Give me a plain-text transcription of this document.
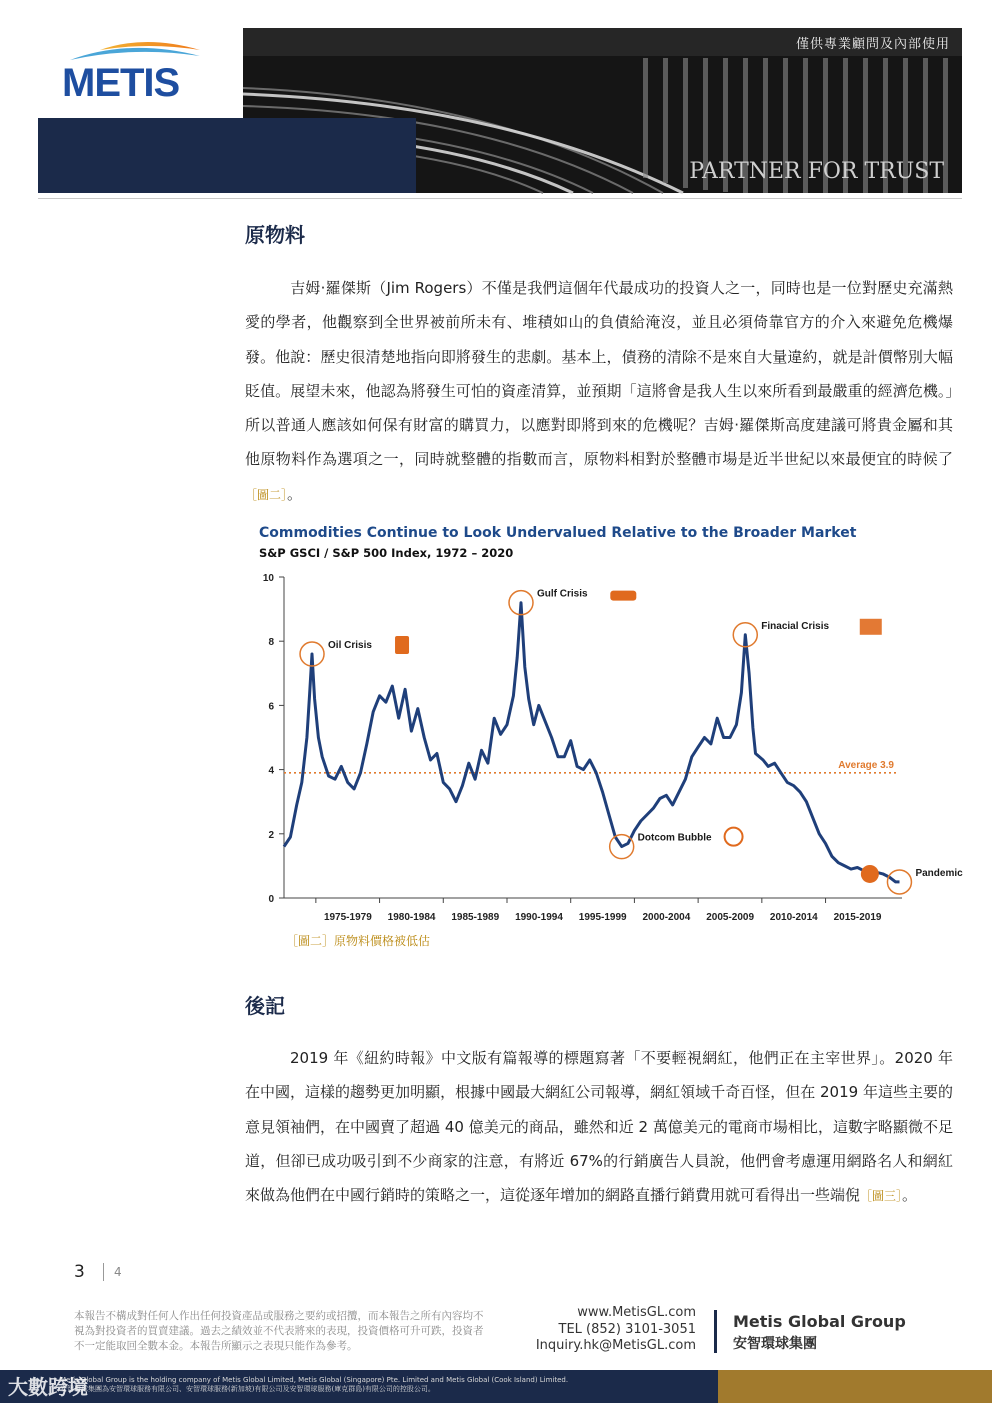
METIS
僅供專業顧問及內部使用
PARTNER FOR TRUST
原物料
吉姆·羅傑斯（Jim Rogers）不僅是我們這個年代最成功的投資人之一，同時也是一位對歷史充滿熱愛的學者，他觀察到全世界被前所未有、堆積如山的負債給淹沒，並且必須倚靠官方的介入來避免危機爆發。他說：歷史很清楚地指向即將發生的悲劇。基本上，債務的清除不是來自大量違約，就是計價幣別大幅貶值。展望未來，他認為將發生可怕的資產清算，並預期「這將會是我人生以來所看到最嚴重的經濟危機。」所以普通人應該如何保有財富的購買力，以應對即將到來的危機呢？吉姆·羅傑斯高度建議可將貴金屬和其他原物料作為選項之一，同時就整體的指數而言，原物料相對於整體市場是近半世紀以來最便宜的時候了［圖二］。
Commodities Continue to Look Undervalued Relative to the Broader Market
S&P GSCI / S&P 500 Index, 1972 – 2020
0
2
4
6
8
10
1975-1979 1980-1984 1985-1989 1990-1994 1995-1999 2000-2004 2005-2009 2010-2014 2015-2019
Average 3.9
Oil Crisis
Gulf Crisis
Finacial Crisis
Dotcom Bubble
Pandemic
［圖二］原物料價格被低估
後記
2019 年《紐約時報》中文版有篇報導的標題寫著「不要輕視網紅，他們正在主宰世界」。2020 年在中國，這樣的趨勢更加明顯，根據中國最大網紅公司報導，網紅領域千奇百怪，但在 2019 年這些主要的意見領袖們，在中國賣了超過 40 億美元的商品，雖然和近 2 萬億美元的電商市場相比，這數字略顯微不足道，但卻已成功吸引到不少商家的注意，有將近 67%的行銷廣告人員說，他們會考慮運用網路名人和網紅來做為他們在中國行銷時的策略之一，這從逐年增加的網路直播行銷費用就可看得出一些端倪［圖三］。
3 4
本報告不構成對任何人作出任何投資產品或服務之要約或招攬，而本報告之所有內容均不視為對投資者的買賣建議。過去之績效並不代表將來的表現，投資價格可升可跌，投資者不一定能取回全數本金。本報告所顯示之表現只能作為參考。
www.MetisGL.com
TEL (852) 3101-3051
Inquiry.hk@MetisGL.com
Metis Global Group
安智環球集團
Metis Global Group is the holding company of Metis Global Limited, Metis Global (Singapore) Pte. Limited and Metis Global (Cook Island) Limited.
安智環球集團為安智環球服務有限公司、安智環球服務(新加坡)有限公司及安智環球服務(庫克群島)有限公司的控股公司。
大數跨境
